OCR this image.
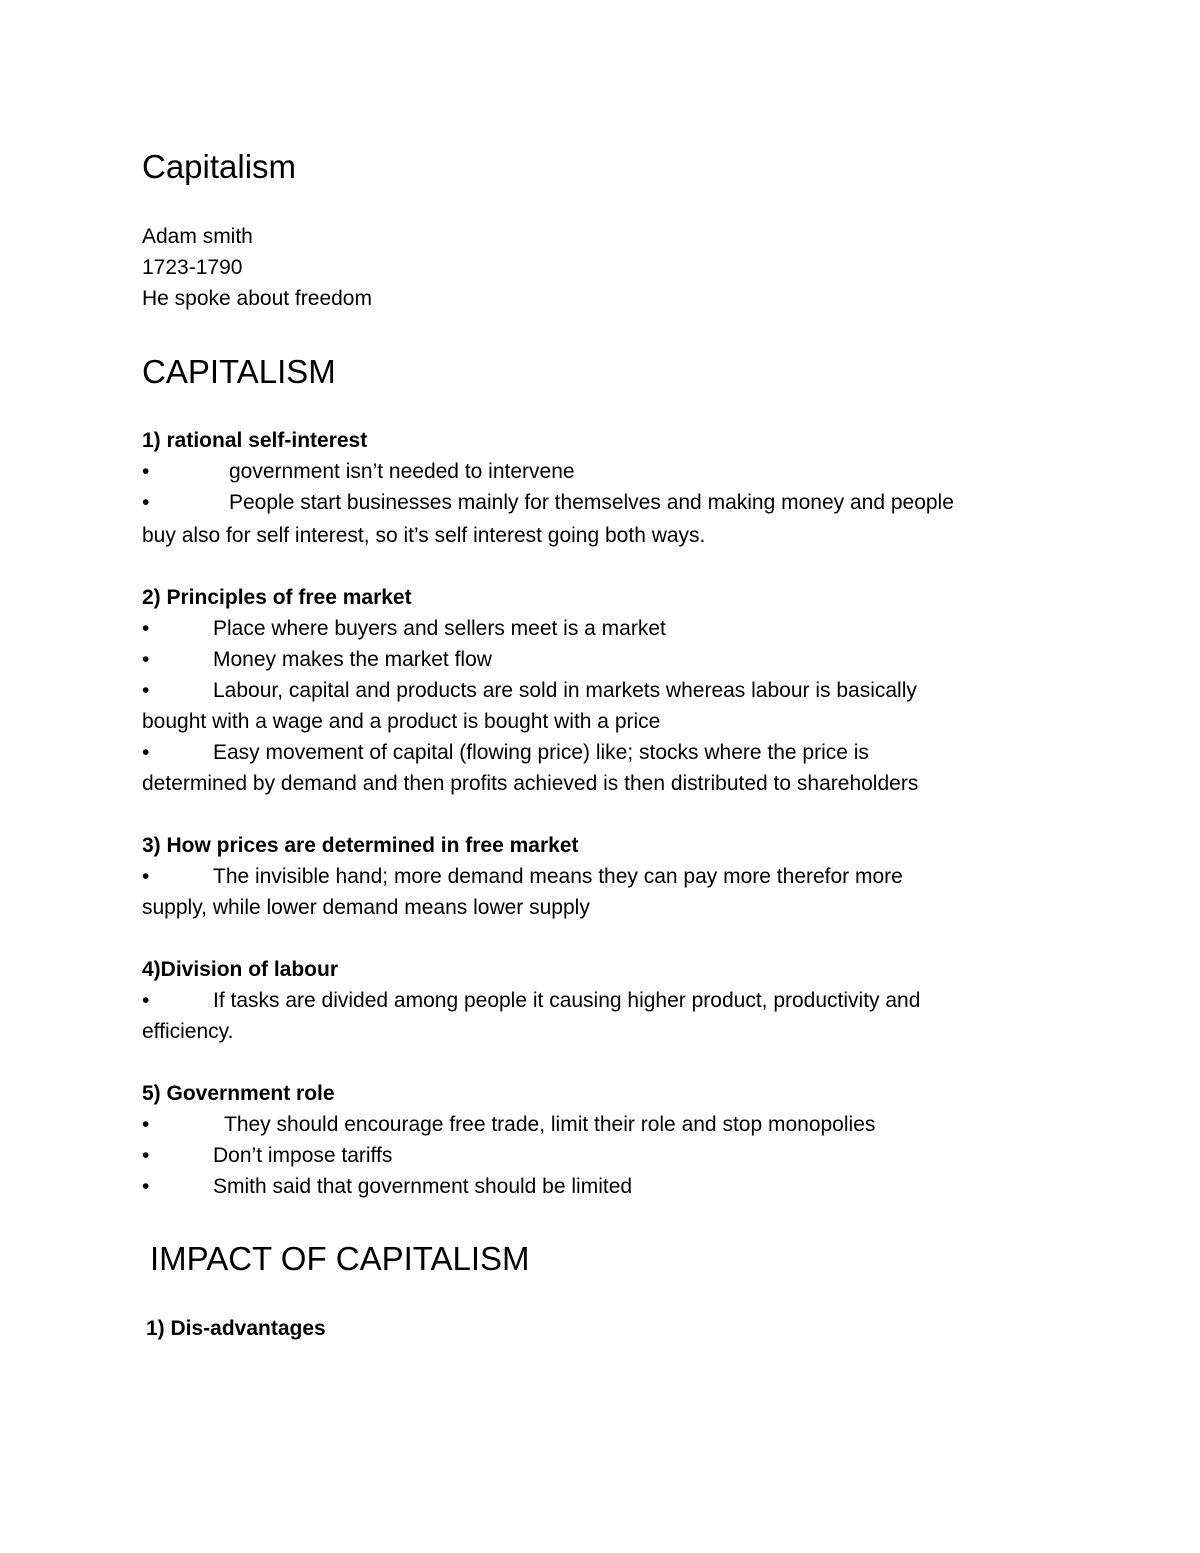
Capitalism
Adam smith
1723-1790
He spoke about freedom
CAPITALISM
1) rational self-interest
•	government isn’t needed to intervene
•	People start businesses mainly for themselves and making money and people
buy also for self interest, so it’s self interest going both ways.
2) Principles of free market
•	Place where buyers and sellers meet is a market
•	Money makes the market flow
•	Labour, capital and products are sold in markets whereas labour is basically
bought with a wage and a product is bought with a price
•	Easy movement of capital (flowing price) like; stocks where the price is
determined by demand and then profits achieved is then distributed to shareholders
3) How prices are determined in free market
•	The invisible hand; more demand means they can pay more therefor more
supply, while lower demand means lower supply
4)Division of labour
•	If tasks are divided among people it causing higher product, productivity and
efficiency.
5) Government role
•	They should encourage free trade, limit their role and stop monopolies
•	Don’t impose tariffs
•	Smith said that government should be limited
IMPACT OF CAPITALISM
1) Dis-advantages
